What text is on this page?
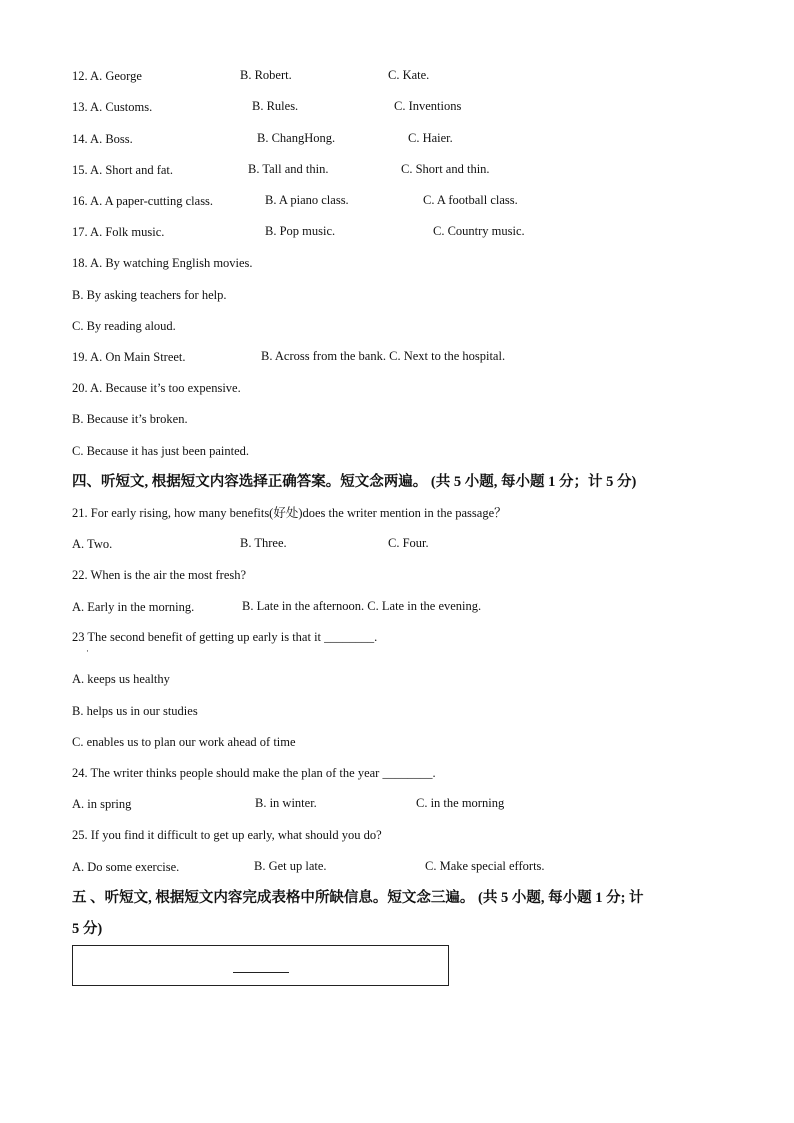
12. A. George	B. Robert.	C. Kate.
13. A. Customs.	B. Rules.	C. Inventions
14. A. Boss.	B. ChangHong.	C. Haier.
15. A. Short and fat.	B. Tall and thin.	C. Short and thin.
16. A. A paper-cutting class.	B. A piano class.	C. A football class.
17. A. Folk music.	B. Pop music.	C. Country music.
18. A. By watching English movies.
B. By asking teachers for help.
C. By reading aloud.
19. A. On Main Street.	B. Across from the bank. C. Next to the hospital.
20. A. Because it’s too expensive.
B. Because it’s broken.
C. Because it has just been painted.
四、听短文, 根据短文内容选择正确答案。短文念两遍。 (共 5 小题, 每小题 1 分；计 5 分)
21. For early rising, how many benefits(好处)does the writer mention in the passage？
A. Two.	B. Three.	C. Four.
22. When is the air the most fresh?
A. Early in the morning.	B. Late in the afternoon. C. Late in the evening.
23 The second benefit of getting up early is that it ________.
·
A. keeps us healthy
B. helps us in our studies
C. enables us to plan our work ahead of time
24. The writer thinks people should make the plan of the year ________.
A. in spring	B. in winter.	C. in the morning
25. If you find it difficult to get up early, what should you do?
A. Do some exercise.	B. Get up late.	C. Make special efforts.
五 、听短文, 根据短文内容完成表格中所缺信息。短文念三遍。 (共 5 小题, 每小题 1 分; 计
5 分)
